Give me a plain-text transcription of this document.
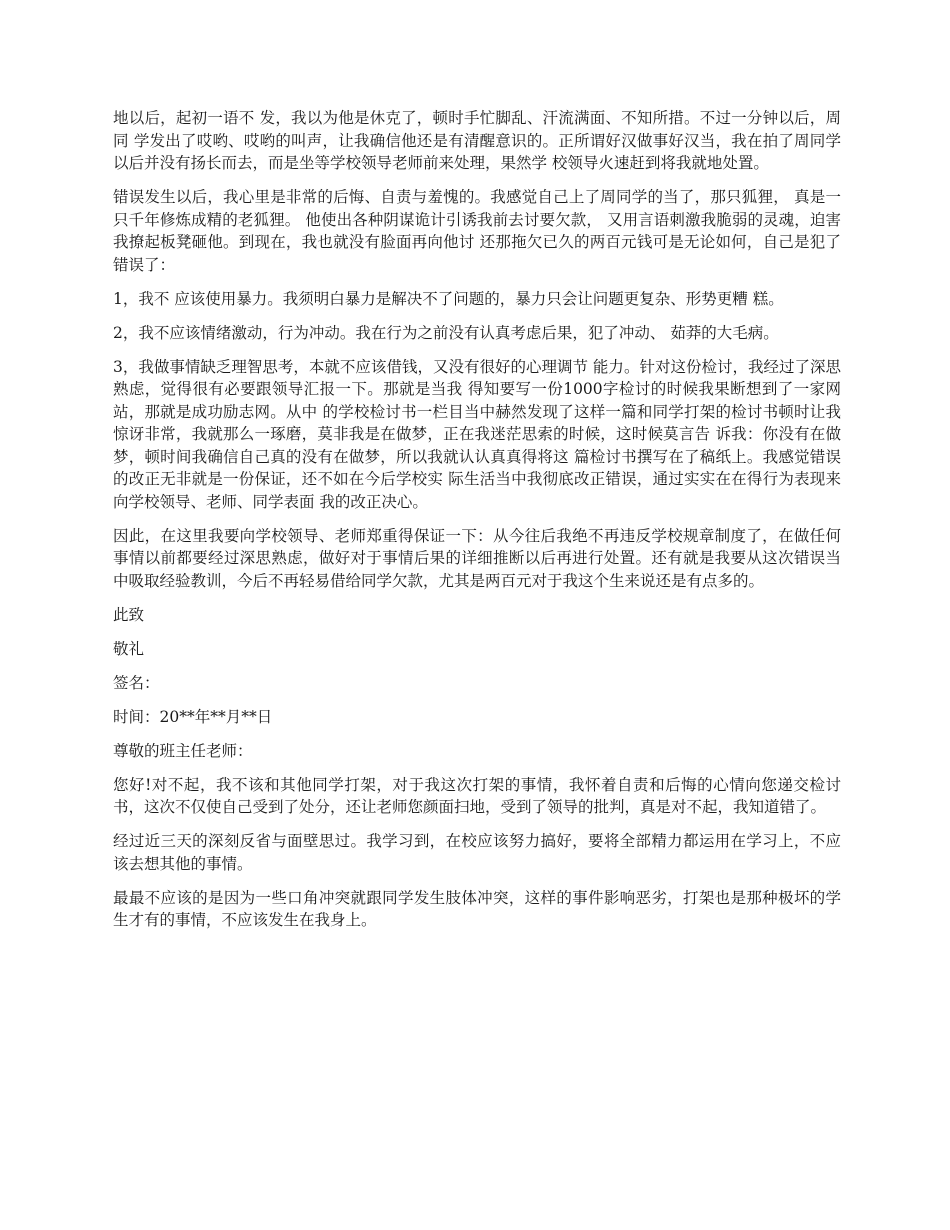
地以后，起初一语不 发，我以为他是休克了，顿时手忙脚乱、汗流满面、不知所措。不过一分钟以后，周同 学发出了哎哟、哎哟的叫声，让我确信他还是有清醒意识的。正所谓好汉做事好汉当，我在拍了周同学以后并没有扬长而去，而是坐等学校领导老师前来处理，果然学 校领导火速赶到将我就地处置。

错误发生以后，我心里是非常的后悔、自责与羞愧的。我感觉自己上了周同学的当了，那只狐狸， 真是一只千年修炼成精的老狐狸。 他使出各种阴谋诡计引诱我前去讨要欠款， 又用言语刺激我脆弱的灵魂，迫害我撩起板凳砸他。到现在，我也就没有脸面再向他讨 还那拖欠已久的两百元钱可是无论如何，自己是犯了错误了：

1，我不 应该使用暴力。我须明白暴力是解决不了问题的，暴力只会让问题更复杂、形势更糟 糕。

2，我不应该情绪激动，行为冲动。我在行为之前没有认真考虑后果，犯了冲动、 茹莽的大毛病。

3，我做事情缺乏理智思考，本就不应该借钱，又没有很好的心理调节 能力。针对这份检讨，我经过了深思熟虑，觉得很有必要跟领导汇报一下。那就是当我 得知要写一份1000字检讨的时候我果断想到了一家网站，那就是成功励志网。从中 的学校检讨书一栏目当中赫然发现了这样一篇和同学打架的检讨书顿时让我 惊讶非常，我就那么一琢磨，莫非我是在做梦，正在我迷茫思索的时候，这时候莫言告 诉我：你没有在做梦，顿时间我确信自己真的没有在做梦，所以我就认认真真得将这 篇检讨书撰写在了稿纸上。我感觉错误的改正无非就是一份保证，还不如在今后学校实 际生活当中我彻底改正错误，通过实实在在得行为表现来向学校领导、老师、同学表面 我的改正决心。

因此，在这里我要向学校领导、老师郑重得保证一下：从今往后我绝不再违反学校规章制度了，在做任何事情以前都要经过深思熟虑，做好对于事情后果的详细推断以后再进行处置。还有就是我要从这次错误当中吸取经验教训，今后不再轻易借给同学欠款，尤其是两百元对于我这个生来说还是有点多的。

此致

敬礼

签名：

时间：20**年**月**日

尊敬的班主任老师：

您好!对不起，我不该和其他同学打架，对于我这次打架的事情，我怀着自责和后悔的心情向您递交检讨书，这次不仅使自己受到了处分，还让老师您颜面扫地，受到了领导的批判，真是对不起，我知道错了。

经过近三天的深刻反省与面壁思过。我学习到，在校应该努力搞好，要将全部精力都运用在学习上，不应该去想其他的事情。

最最不应该的是因为一些口角冲突就跟同学发生肢体冲突，这样的事件影响恶劣，打架也是那种极坏的学生才有的事情，不应该发生在我身上。
